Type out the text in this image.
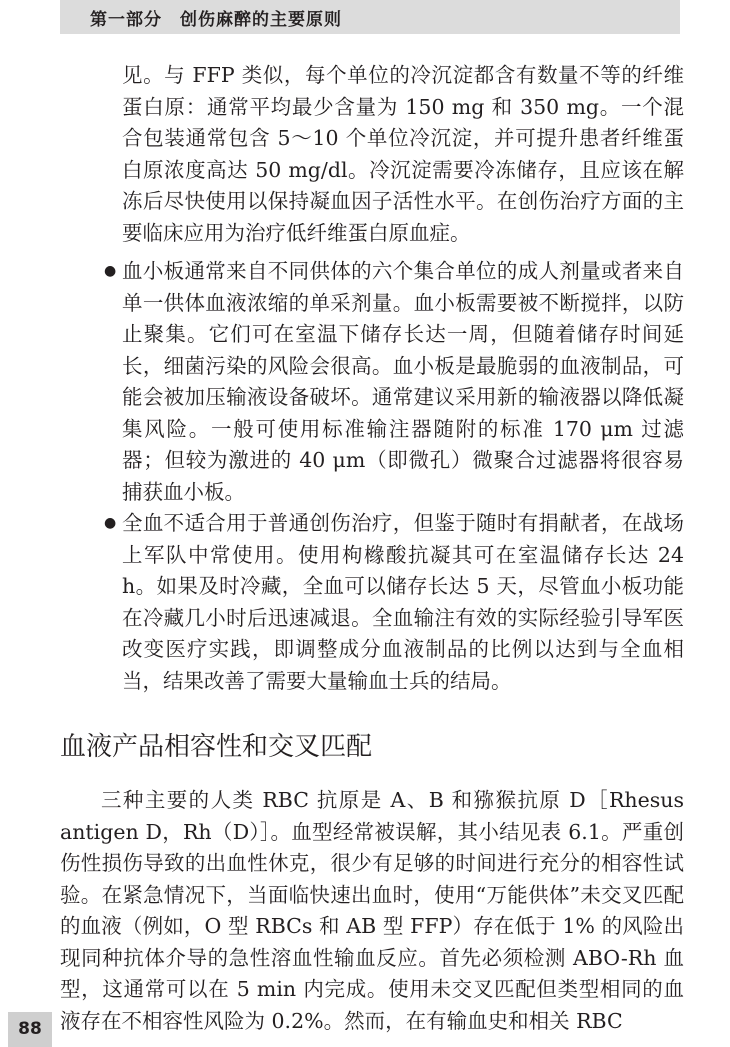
第一部分　创伤麻醉的主要原则

见。与 FFP 类似，每个单位的冷沉淀都含有数量不等的纤维蛋白原：通常平均最少含量为 150 mg 和 350 mg。一个混合包装通常包含 5～10 个单位冷沉淀，并可提升患者纤维蛋白原浓度高达 50 mg/dl。冷沉淀需要冷冻储存，且应该在解冻后尽快使用以保持凝血因子活性水平。在创伤治疗方面的主要临床应用为治疗低纤维蛋白原血症。

● 血小板通常来自不同供体的六个集合单位的成人剂量或者来自单一供体血液浓缩的单采剂量。血小板需要被不断搅拌，以防止聚集。它们可在室温下储存长达一周，但随着储存时间延长，细菌污染的风险会很高。血小板是最脆弱的血液制品，可能会被加压输液设备破坏。通常建议采用新的输液器以降低凝集风险。一般可使用标准输注器随附的标准 170 μm 过滤器；但较为激进的 40 μm（即微孔）微聚合过滤器将很容易捕获血小板。

● 全血不适合用于普通创伤治疗，但鉴于随时有捐献者，在战场上军队中常使用。使用枸橼酸抗凝其可在室温储存长达 24 h。如果及时冷藏，全血可以储存长达 5 天，尽管血小板功能在冷藏几小时后迅速减退。全血输注有效的实际经验引导军医改变医疗实践，即调整成分血液制品的比例以达到与全血相当，结果改善了需要大量输血士兵的结局。

血液产品相容性和交叉匹配

三种主要的人类 RBC 抗原是 A、B 和猕猴抗原 D［Rhesus antigen D，Rh（D）］。血型经常被误解，其小结见表 6.1。严重创伤性损伤导致的出血性休克，很少有足够的时间进行充分的相容性试验。在紧急情况下，当面临快速出血时，使用“万能供体”未交叉匹配的血液（例如，O 型 RBCs 和 AB 型 FFP）存在低于 1% 的风险出现同种抗体介导的急性溶血性输血反应。首先必须检测 ABO-Rh 血型，这通常可以在 5 min 内完成。使用未交叉匹配但类型相同的血液存在不相容性风险为 0.2%。然而，在有输血史和相关 RBC

88
